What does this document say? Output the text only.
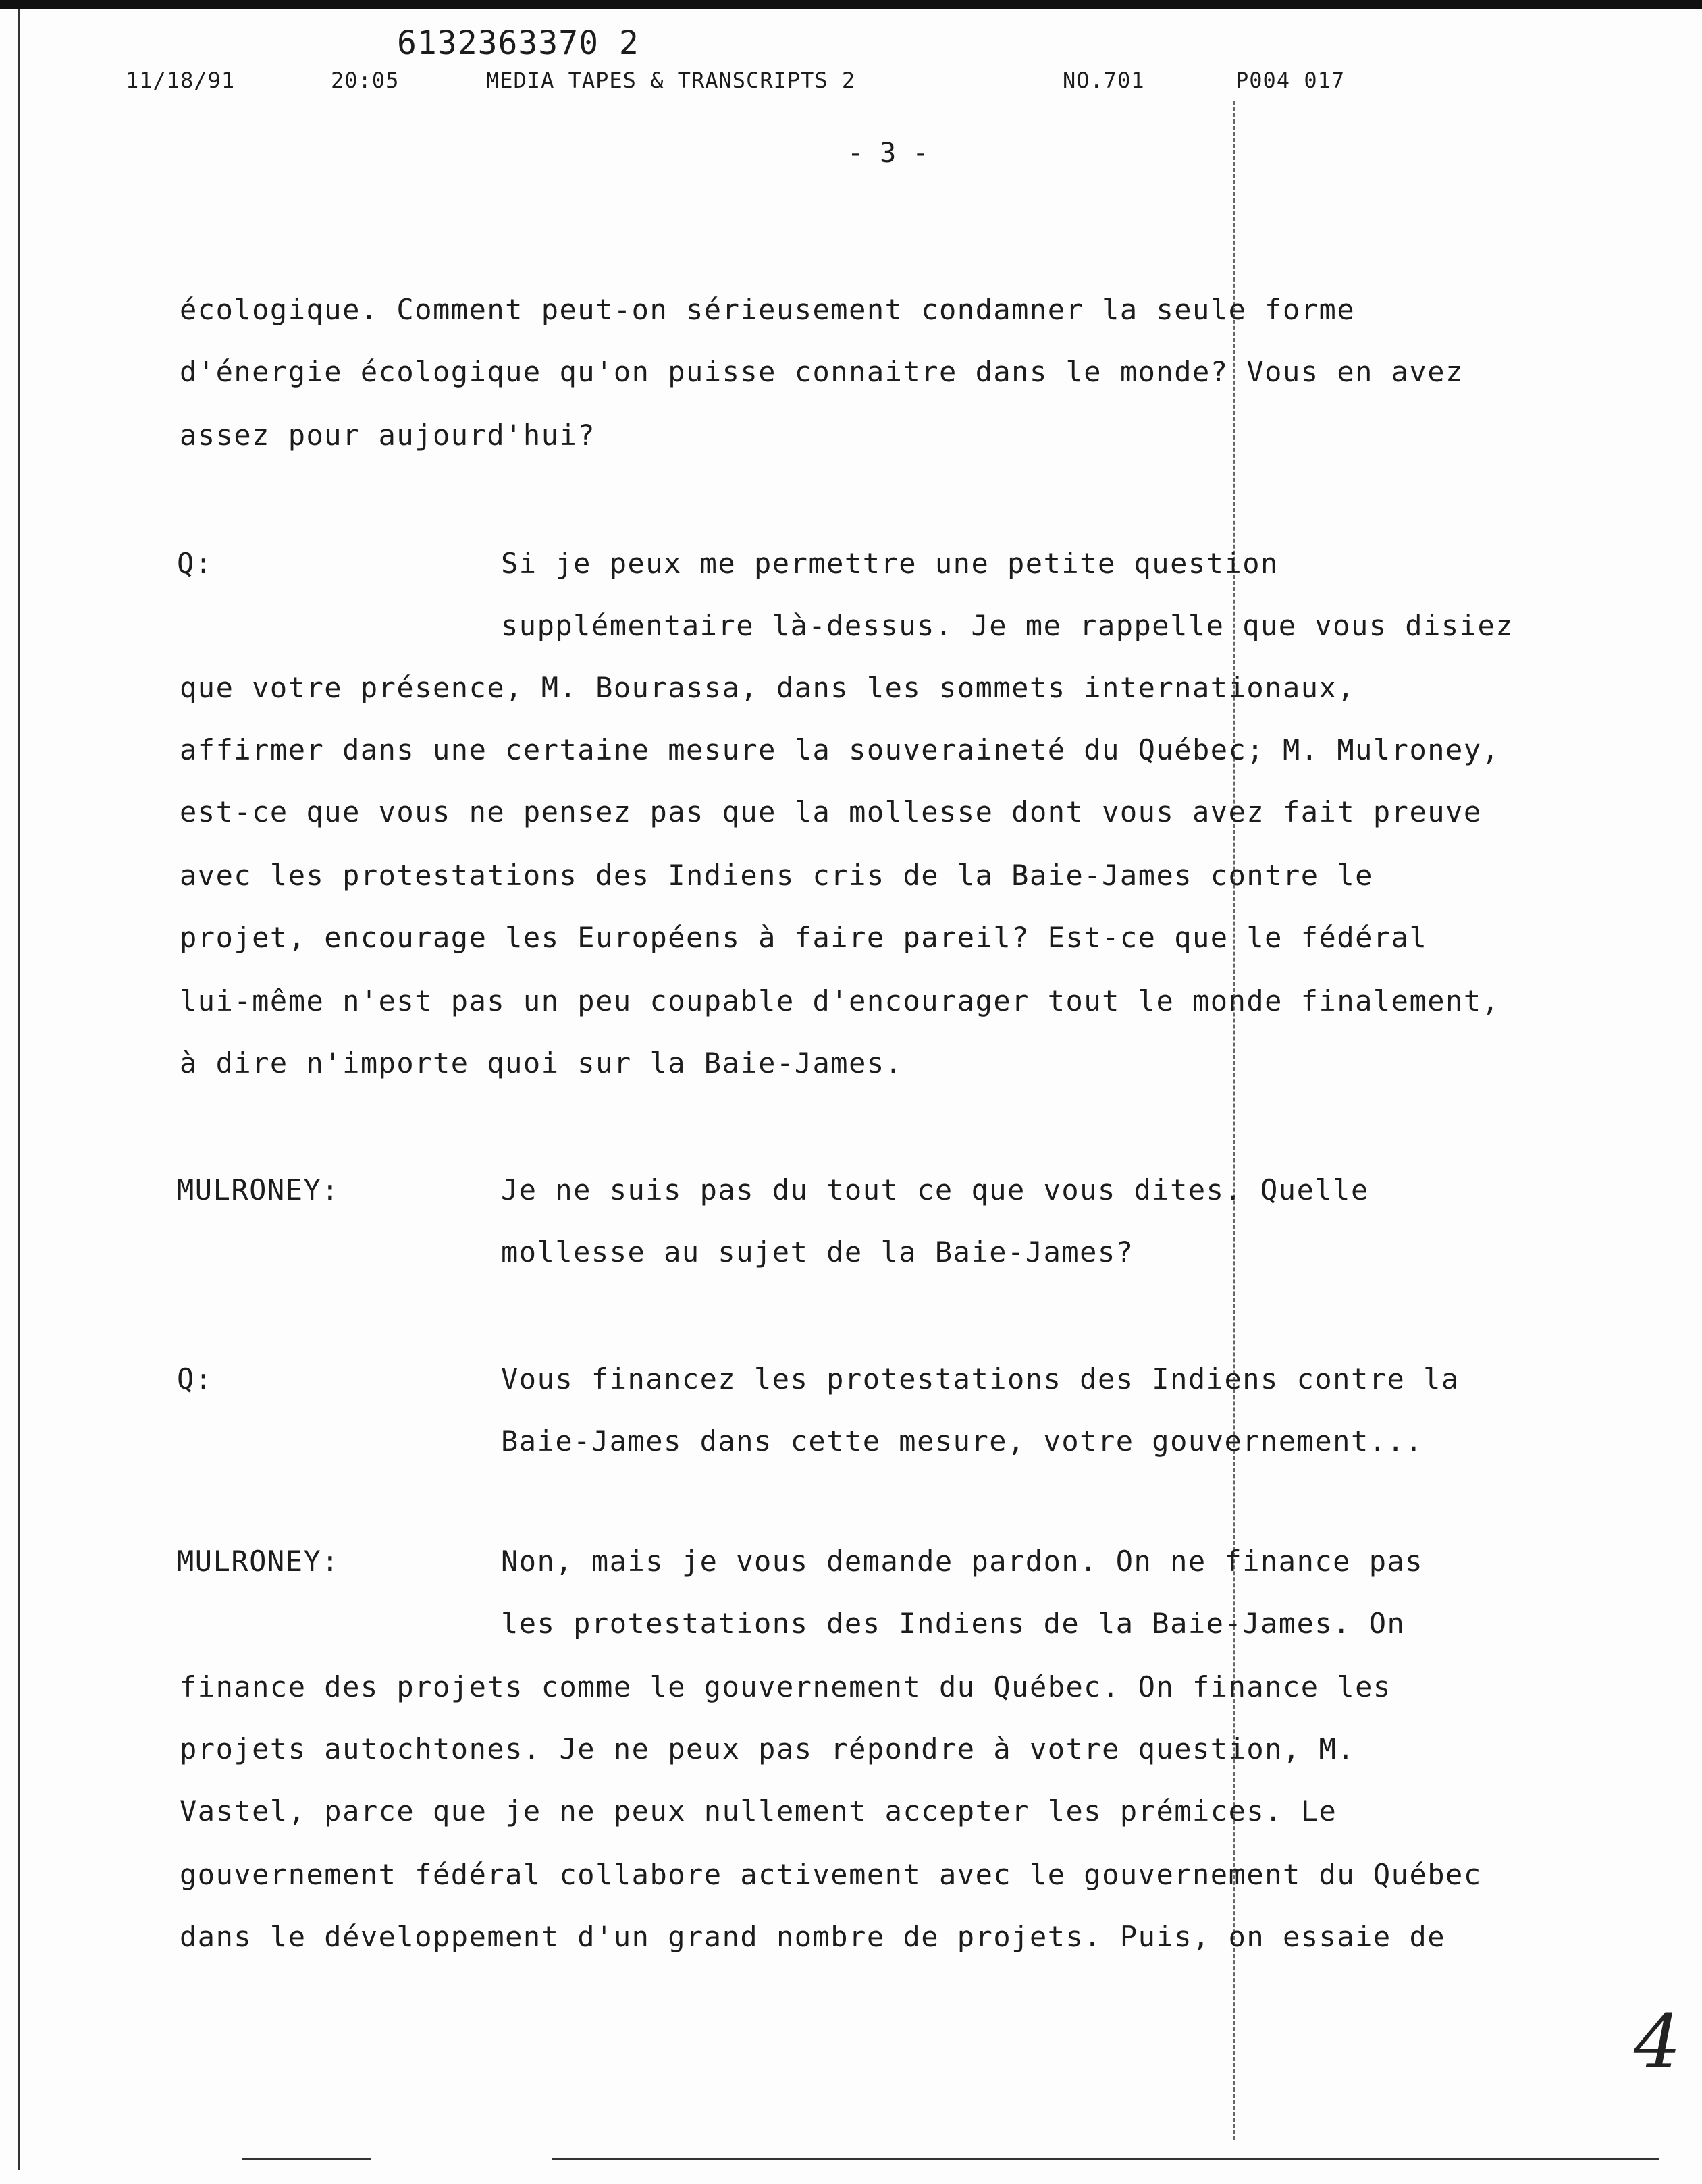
6132363370 2
11/18/91	20:05	MEDIA TAPES & TRANSCRIPTS 2	NO.701	P004 017
- 3 -
écologique. Comment peut-on sérieusement condamner la seule forme
d'énergie écologique qu'on puisse connaitre dans le monde? Vous en avez
assez pour aujourd'hui?
Q:	Si je peux me permettre une petite question
supplémentaire là-dessus. Je me rappelle que vous disiez
que votre présence, M. Bourassa, dans les sommets internationaux,
affirmer dans une certaine mesure la souveraineté du Québec; M. Mulroney,
est-ce que vous ne pensez pas que la mollesse dont vous avez fait preuve
avec les protestations des Indiens cris de la Baie-James contre le
projet, encourage les Européens à faire pareil? Est-ce que le fédéral
lui-même n'est pas un peu coupable d'encourager tout le monde finalement,
à dire n'importe quoi sur la Baie-James.
MULRONEY:	Je ne suis pas du tout ce que vous dites. Quelle
mollesse au sujet de la Baie-James?
Q:	Vous financez les protestations des Indiens contre la
Baie-James dans cette mesure, votre gouvernement...
MULRONEY:	Non, mais je vous demande pardon. On ne finance pas
les protestations des Indiens de la Baie-James. On
finance des projets comme le gouvernement du Québec. On finance les
projets autochtones. Je ne peux pas répondre à votre question, M.
Vastel, parce que je ne peux nullement accepter les prémices. Le
gouvernement fédéral collabore activement avec le gouvernement du Québec
dans le développement d'un grand nombre de projets. Puis, on essaie de
4
